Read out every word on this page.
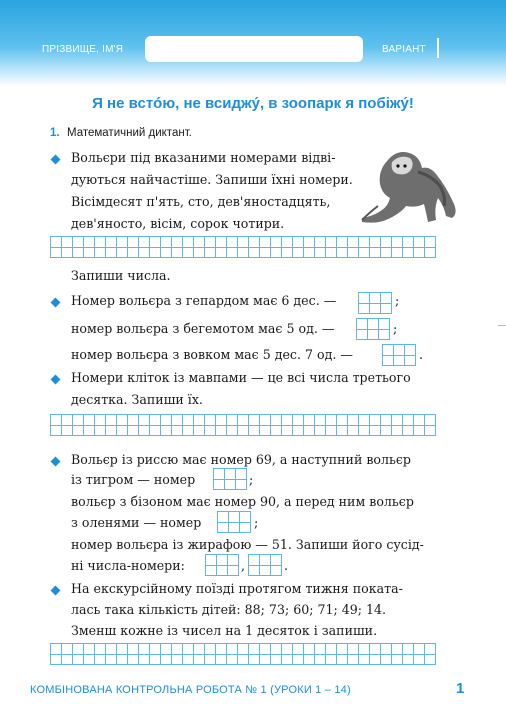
ПРІЗВИЩЕ, ІМ'Я	ВАРІАНТ
Я не встóю, не всиджý, в зоопарк я побіжý!
1. Математичний диктант.
Вольєри під вказаними номерами відві-
дуються найчастіше. Запиши їхні номери.
Вісімдесят п'ять, сто, дев'яностадцять,
дев'яносто, вісім, сорок чотири.
Запиши числа.
Номер вольєра з гепардом має 6 дес. —	;
номер вольєра з бегемотом має 5 од. —	;
номер вольєра з вовком має 5 дес. 7 од. —	.
Номери кліток із мавпами — це всі числа третього
десятка. Запиши їх.
Вольєр із риссю має номер 69, а наступний вольєр
із тигром — номер	;
вольєр з бізоном має номер 90, а перед ним вольєр
з оленями — номер	;
номер вольєра із жирафою — 51. Запиши його сусід-
ні числа-номери:	,	.
На екскурсійному поїзді протягом тижня поката-
лась така кількість дітей: 88; 73; 60; 71; 49; 14.
Зменш кожне із чисел на 1 десяток і запиши.
КОМБІНОВАНА КОНТРОЛЬНА РОБОТА № 1 (УРОКИ 1 – 14)	1
